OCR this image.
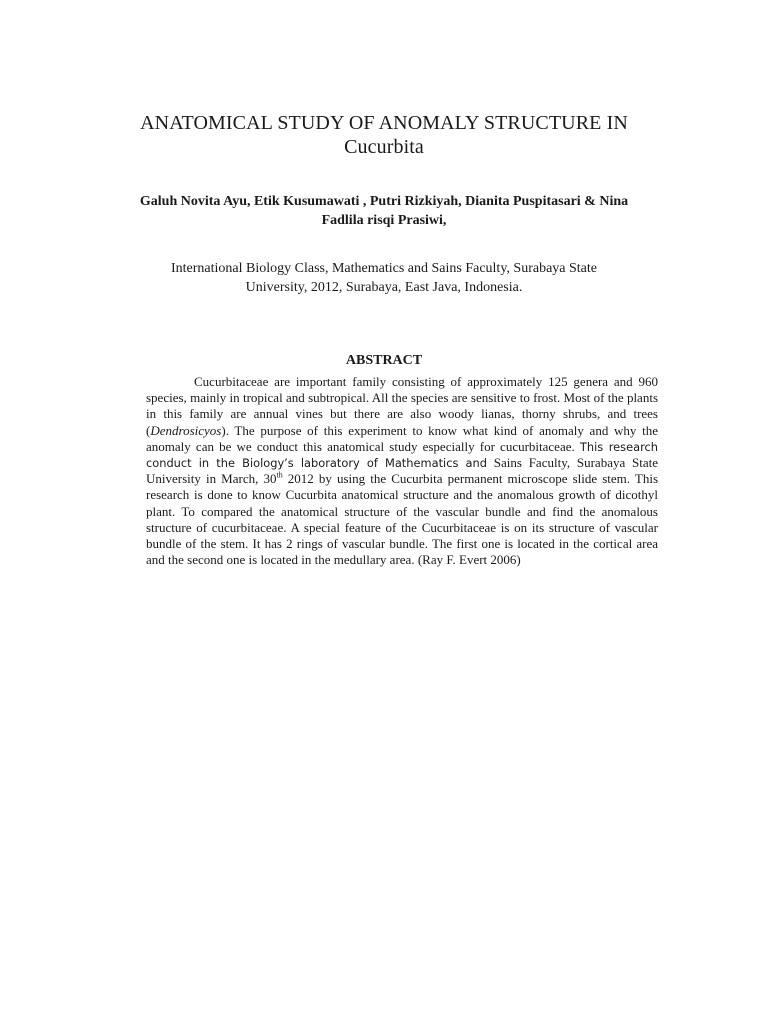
ANATOMICAL STUDY OF ANOMALY STRUCTURE IN
Cucurbita
Galuh Novita Ayu, Etik Kusumawati , Putri Rizkiyah, Dianita Puspitasari & Nina
Fadlila risqi Prasiwi,
International Biology Class, Mathematics and Sains Faculty, Surabaya State
University, 2012, Surabaya, East Java, Indonesia.
ABSTRACT

Cucurbitaceae are important family consisting of approximately 125 genera and 960 species, mainly in tropical and subtropical. All the species are sensitive to frost. Most of the plants in this family are annual vines but there are also woody lianas, thorny shrubs, and trees (Dendrosicyos). The purpose of this experiment to know what kind of anomaly and why the anomaly can be we conduct this anatomical study especially for cucurbitaceae. This research conduct in the Biology’s laboratory of Mathematics and Sains Faculty, Surabaya State University in March, 30th 2012 by using the Cucurbita permanent microscope slide stem. This research is done to know Cucurbita anatomical structure and the anomalous growth of dicothyl plant. To compared the anatomical structure of the vascular bundle and find the anomalous structure of cucurbitaceae. A special feature of the Cucurbitaceae is on its structure of vascular bundle of the stem. It has 2 rings of vascular bundle. The first one is located in the cortical area and the second one is located in the medullary area. (Ray F. Evert 2006)
